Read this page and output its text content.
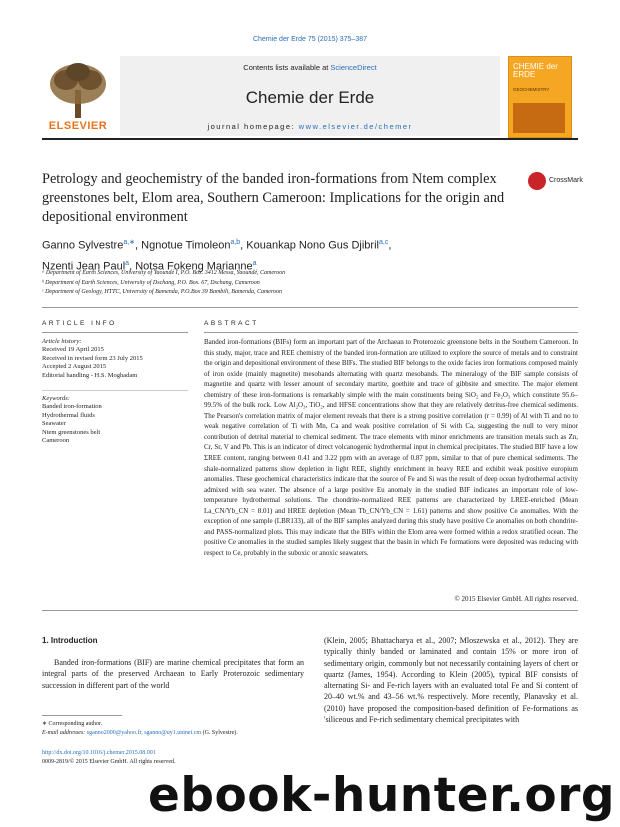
Chemie der Erde 75 (2015) 375–387
Contents lists available at ScienceDirect
Chemie der Erde
journal homepage: www.elsevier.de/chemer
ELSEVIER
CHEMIE der ERDE
GEOCHEMISTRY
Petrology and geochemistry of the banded iron-formations from Ntem complex greenstones belt, Elom area, Southern Cameroon: Implications for the origin and depositional environment
CrossMark
Ganno Sylvestre$^{a,∗}$, Ngnotue Timoleon$^{a,b}$, Kouankap Nono Gus Djibril$^{a,c}$,
Nzenti Jean Paul$^a$, Notsa Fokeng Marianne$^a$
ᵃ Department of Earth Sciences, University of Yaoundé I, P.O. Box. 3412 Messa, Yaoundé, Cameroon
ᵇ Department of Earth Sciences, University of Dschang, P.O. Box. 67, Dschang, Cameroon
ᶜ Department of Geology, HTTC, University of Bamenda, P.O.Box 39 Bambili, Bamenda, Cameroon
ARTICLE INFO	ABSTRACT
Article history:
Received 19 April 2015
Received in revised form 23 July 2015
Accepted 2 August 2015
Editorial handling - H.S. Moghadam
Keywords:
Banded iron-formation
Hydrothermal fluids
Seawater
Ntem greenstones belt
Cameroon
Banded iron-formations (BIFs) form an important part of the Archaean to Proterozoic greenstone belts in the Southern Cameroon. In this study, major, trace and REE chemistry of the banded iron-formation are utilized to explore the source of metals and to constraint the origin and depositional environment of these BIFs. The studied BIF belongs to the oxide facies iron formations composed mainly of iron oxide (mainly magnetite) mesobands alternating with quartz mesobands. The mineralogy of the BIF sample consists of magnetite and quartz with lesser amount of secondary martite, goethite and trace of gibbsite and smectite. The major element chemistry of these iron-formations is remarkably simple with the main constituents being SiO₂ and Fe₂O₃ which constitute 95.6–99.5% of the bulk rock. Low Al₂O₃, TiO₂, and HFSE concentrations show that they are relatively detritus-free chemical sediments. The Pearson's correlation matrix of major element reveals that there is a strong positive correlation (r = 0.99) of Al with Ti and no to weak negative correlation of Ti with Mn, Ca and weak positive correlation of Si with Ca, suggesting the null to very minor contribution of detrital material to chemical sediment. The trace elements with minor enrichments are transition metals such as Zn, Cr, Sr, V and Pb. This is an indicator of direct volcanogenic hydrothermal input in chemical precipitates. The studied BIF have a low ΣREE content, ranging between 0.41 and 3.22 ppm with an average of 0.87 ppm, similar to that of pure chemical sediments. The shale-normalized patterns show depletion in light REE, slightly enrichment in heavy REE and exhibit weak positive europium anomalies. These geochemical characteristics indicate that the source of Fe and Si was the result of deep ocean hydrothermal activity admixed with sea water. The absence of a large positive Eu anomaly in the studied BIF indicates an important role of low-temperature hydrothermal solutions. The chondrite-normalized REE patterns are characterized by LREE-enriched (Mean La_CN/Yb_CN = 8.01) and HREE depletion (Mean Tb_CN/Yb_CN = 1.61) patterns and show positive Ce anomalies. With the exception of one sample (LBR133), all of the BIF samples analyzed during this study have positive Ce anomalies on both chondrite- and PASS-normalized plots. This may indicate that the BIFs within the Elom area were formed within a redox stratified ocean. The positive Ce anomalies in the studied samples likely suggest that the basin in which Fe formations were deposited was reducing with respect to Ce, probably in the suboxic or anoxic seawaters.
© 2015 Elsevier GmbH. All rights reserved.
1. Introduction
Banded iron-formations (BIF) are marine chemical precipitates that form an integral parts of the preserved Archaean to Early Proterozoic sedimentary succession in different part of the world
(Klein, 2005; Bhattacharya et al., 2007; Mloszewska et al., 2012). They are typically thinly banded or laminated and contain 15% or more iron of sedimentary origin, commonly but not necessarily containing layers of chert or quartz (James, 1954). According to Klein (2005), typical BIF consists of alternating Si- and Fe-rich layers with an evaluated total Fe and Si content of 20–40 wt.% and 43–56 wt.% respectively. More recently, Planavsky et al. (2010) have proposed the composition-based definition of Fe-formations as 'siliceous and Fe-rich sedimentary chemical precipitates with
∗ Corresponding author.
E-mail addresses: sganno2000@yahoo.fr, sganno@uy1.uninet.cm (G. Sylvestre).
http://dx.doi.org/10.1016/j.chemer.2015.08.001
0009-2819/© 2015 Elsevier GmbH. All rights reserved.
ebook-hunter.org
